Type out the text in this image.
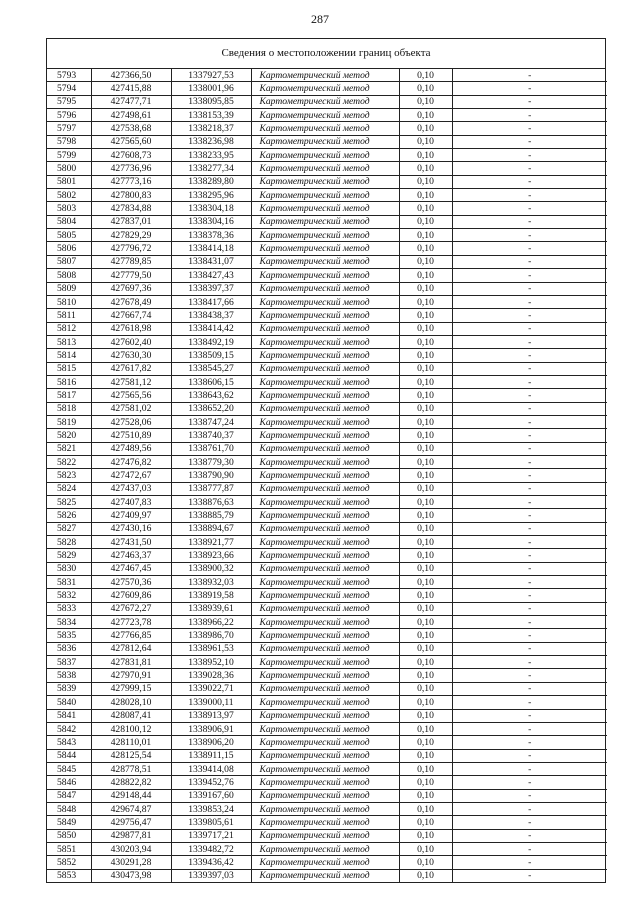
287
Сведения о местоположении границ объекта
5793	427366,50	1337927,53	Картометрический метод	0,10	-
5794	427415,88	1338001,96	Картометрический метод	0,10	-
5795	427477,71	1338095,85	Картометрический метод	0,10	-
5796	427498,61	1338153,39	Картометрический метод	0,10	-
5797	427538,68	1338218,37	Картометрический метод	0,10	-
5798	427565,60	1338236,98	Картометрический метод	0,10	-
5799	427608,73	1338233,95	Картометрический метод	0,10	-
5800	427736,96	1338277,34	Картометрический метод	0,10	-
5801	427773,16	1338289,80	Картометрический метод	0,10	-
5802	427800,83	1338295,96	Картометрический метод	0,10	-
5803	427834,88	1338304,18	Картометрический метод	0,10	-
5804	427837,01	1338304,16	Картометрический метод	0,10	-
5805	427829,29	1338378,36	Картометрический метод	0,10	-
5806	427796,72	1338414,18	Картометрический метод	0,10	-
5807	427789,85	1338431,07	Картометрический метод	0,10	-
5808	427779,50	1338427,43	Картометрический метод	0,10	-
5809	427697,36	1338397,37	Картометрический метод	0,10	-
5810	427678,49	1338417,66	Картометрический метод	0,10	-
5811	427667,74	1338438,37	Картометрический метод	0,10	-
5812	427618,98	1338414,42	Картометрический метод	0,10	-
5813	427602,40	1338492,19	Картометрический метод	0,10	-
5814	427630,30	1338509,15	Картометрический метод	0,10	-
5815	427617,82	1338545,27	Картометрический метод	0,10	-
5816	427581,12	1338606,15	Картометрический метод	0,10	-
5817	427565,56	1338643,62	Картометрический метод	0,10	-
5818	427581,02	1338652,20	Картометрический метод	0,10	-
5819	427528,06	1338747,24	Картометрический метод	0,10	-
5820	427510,89	1338740,37	Картометрический метод	0,10	-
5821	427489,56	1338761,70	Картометрический метод	0,10	-
5822	427476,82	1338779,30	Картометрический метод	0,10	-
5823	427472,67	1338790,90	Картометрический метод	0,10	-
5824	427437,03	1338777,87	Картометрический метод	0,10	-
5825	427407,83	1338876,63	Картометрический метод	0,10	-
5826	427409,97	1338885,79	Картометрический метод	0,10	-
5827	427430,16	1338894,67	Картометрический метод	0,10	-
5828	427431,50	1338921,77	Картометрический метод	0,10	-
5829	427463,37	1338923,66	Картометрический метод	0,10	-
5830	427467,45	1338900,32	Картометрический метод	0,10	-
5831	427570,36	1338932,03	Картометрический метод	0,10	-
5832	427609,86	1338919,58	Картометрический метод	0,10	-
5833	427672,27	1338939,61	Картометрический метод	0,10	-
5834	427723,78	1338966,22	Картометрический метод	0,10	-
5835	427766,85	1338986,70	Картометрический метод	0,10	-
5836	427812,64	1338961,53	Картометрический метод	0,10	-
5837	427831,81	1338952,10	Картометрический метод	0,10	-
5838	427970,91	1339028,36	Картометрический метод	0,10	-
5839	427999,15	1339022,71	Картометрический метод	0,10	-
5840	428028,10	1339000,11	Картометрический метод	0,10	-
5841	428087,41	1338913,97	Картометрический метод	0,10	-
5842	428100,12	1338906,91	Картометрический метод	0,10	-
5843	428110,01	1338906,20	Картометрический метод	0,10	-
5844	428125,54	1338911,15	Картометрический метод	0,10	-
5845	428778,51	1339414,08	Картометрический метод	0,10	-
5846	428822,82	1339452,76	Картометрический метод	0,10	-
5847	429148,44	1339167,60	Картометрический метод	0,10	-
5848	429674,87	1339853,24	Картометрический метод	0,10	-
5849	429756,47	1339805,61	Картометрический метод	0,10	-
5850	429877,81	1339717,21	Картометрический метод	0,10	-
5851	430203,94	1339482,72	Картометрический метод	0,10	-
5852	430291,28	1339436,42	Картометрический метод	0,10	-
5853	430473,98	1339397,03	Картометрический метод	0,10	-
